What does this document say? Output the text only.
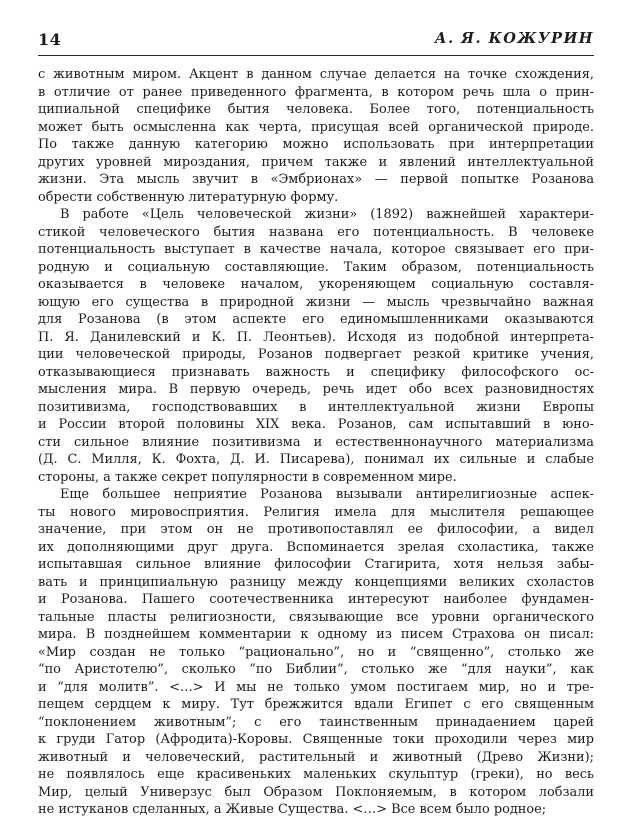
14	А. Я. КОЖУРИН
с животным миром. Акцент в данном случае делается на точке схождения,
в отличие от ранее приведенного фрагмента, в котором речь шла о прин-
ципиальной специфике бытия человека. Более того, потенциальность
может быть осмысленна как черта, присущая всей органической природе.
По также данную категорию можно использовать при интерпретации
других уровней мироздания, причем также и явлений интеллектуальной
жизни. Эта мысль звучит в «Эмбрионах» — первой попытке Розанова
обрести собственную литературную форму.
В работе «Цель человеческой жизни» (1892) важнейшей характери-
стикой человеческого бытия названа его потенциальность. В человеке
потенциальность выступает в качестве начала, которое связывает его при-
родную и социальную составляющие. Таким образом, потенциальность
оказывается в человеке началом, укореняющем социальную составля-
ющую его существа в природной жизни — мысль чрезвычайно важная
для Розанова (в этом аспекте его единомышленниками оказываются
П. Я. Данилевский и К. П. Леонтьев). Исходя из подобной интерпрета-
ции человеческой природы, Розанов подвергает резкой критике учения,
отказывающиеся признавать важность и специфику философского ос-
мысления мира. В первую очередь, речь идет обо всех разновидностях
позитивизма, господствовавших в интеллектуальной жизни Европы
и России второй половины XIX века. Розанов, сам испытавший в юно-
сти сильное влияние позитивизма и естественнонаучного материализма
(Д. С. Милля, К. Фохта, Д. И. Писарева), понимал их сильные и слабые
стороны, а также секрет популярности в современном мире.
Еще большее неприятие Розанова вызывали антирелигиозные аспек-
ты нового мировосприятия. Религия имела для мыслителя решающее
значение, при этом он не противопоставлял ее философии, а видел
их дополняющими друг друга. Вспоминается зрелая схоластика, также
испытавшая сильное влияние философии Стагирита, хотя нельзя забы-
вать и принципиальную разницу между концепциями великих схоластов
и Розанова. Пашего соотечественника интересуют наиболее фундамен-
тальные пласты религиозности, связывающие все уровни органического
мира. В позднейшем комментарии к одному из писем Страхова он писал:
«Мир создан не только “рационально”, но и “священно”, столько же
“по Аристотелю”, сколько “по Библии”, столько же “для науки”, как
и “для молитв”. <…> И мы не только умом постигаем мир, но и тре-
пещем сердцем к миру. Тут брежжится вдали Египет с его священным
“поклонением животным”; с его таинственным принадаением царей
к груди Гатор (Афродита)-Коровы. Священные токи проходили через мир
животный и человеческий, растительный и животный (Древо Жизни);
не появлялось еще красивеньких маленьких скульптур (греки), но весь
Мир, целый Универзус был Образом Поклоняемым, в котором лобзали
не истуканов сделанных, а Живые Существа. <…> Все всем было родное;
